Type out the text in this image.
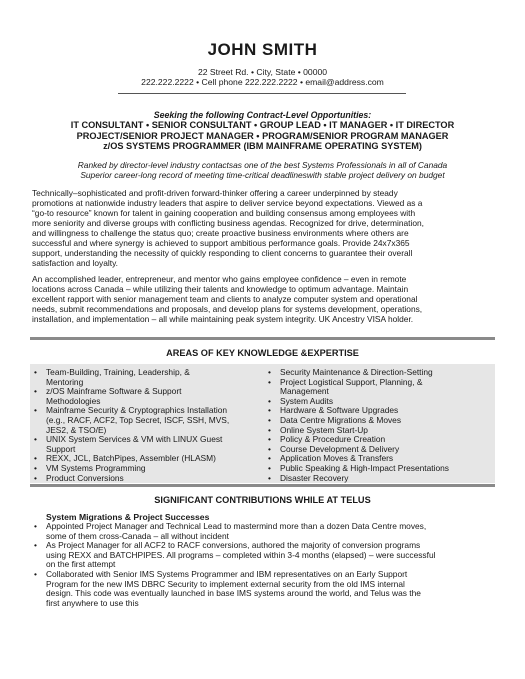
JOHN SMITH
22 Street Rd. • City, State • 00000
222.222.2222 • Cell phone 222.222.2222 • email@address.com
Seeking the following Contract-Level Opportunities:
IT CONSULTANT • SENIOR CONSULTANT • GROUP LEAD • IT MANAGER • IT DIRECTOR
PROJECT/SENIOR PROJECT MANAGER • PROGRAM/SENIOR PROGRAM MANAGER
z/OS SYSTEMS PROGRAMMER (IBM MAINFRAME OPERATING SYSTEM)
Ranked by director-level industry contactsas one of the best Systems Professionals in all of Canada
Superior career-long record of meeting time-critical deadlineswith stable project delivery on budget
Technically–sophisticated and profit-driven forward-thinker offering a career underpinned by steady
promotions at nationwide industry leaders that aspire to deliver service beyond expectations. Viewed as a
“go-to resource” known for talent in gaining cooperation and building consensus among employees with
more seniority and diverse groups with conflicting business agendas. Recognized for drive, determination,
and willingness to challenge the status quo; create proactive business environments where others are
successful and where synergy is achieved to support ambitious performance goals. Provide 24x7x365
support, understanding the necessity of quickly responding to client concerns to guarantee their overall
satisfaction and loyalty.
An accomplished leader, entrepreneur, and mentor who gains employee confidence – even in remote
locations across Canada – while utilizing their talents and knowledge to optimum advantage. Maintain
excellent rapport with senior management team and clients to analyze computer system and operational
needs, submit recommendations and proposals, and develop plans for systems development, operations,
installation, and implementation – all while maintaining peak system integrity. UK Ancestry VISA holder.
AREAS OF KEY KNOWLEDGE &EXPERTISE
• Team-Building, Training, Leadership, &
Mentoring
• z/OS Mainframe Software & Support
Methodologies
• Mainframe Security & Cryptographics Installation
(e.g., RACF, ACF2, Top Secret, ISCF, SSH, MVS,
JES2, & TSO/E)
• UNIX System Services & VM with LINUX Guest
Support
• REXX, JCL, BatchPipes, Assembler (HLASM)
• VM Systems Programming
• Product Conversions
• Security Maintenance & Direction-Setting
• Project Logistical Support, Planning, &
Management
• System Audits
• Hardware & Software Upgrades
• Data Centre Migrations & Moves
• Online System Start-Up
• Policy & Procedure Creation
• Course Development & Delivery
• Application Moves & Transfers
• Public Speaking & High-Impact Presentations
• Disaster Recovery
SIGNIFICANT CONTRIBUTIONS WHILE AT TELUS
System Migrations & Project Successes
• Appointed Project Manager and Technical Lead to mastermind more than a dozen Data Centre moves,
some of them cross-Canada – all without incident
• As Project Manager for all ACF2 to RACF conversions, authored the majority of conversion programs
using REXX and BATCHPIPES. All programs – completed within 3-4 months (elapsed) – were successful
on the first attempt
• Collaborated with Senior IMS Systems Programmer and IBM representatives on an Early Support
Program for the new IMS DBRC Security to implement external security from the old IMS internal
design. This code was eventually launched in base IMS systems around the world, and Telus was the
first anywhere to use this
